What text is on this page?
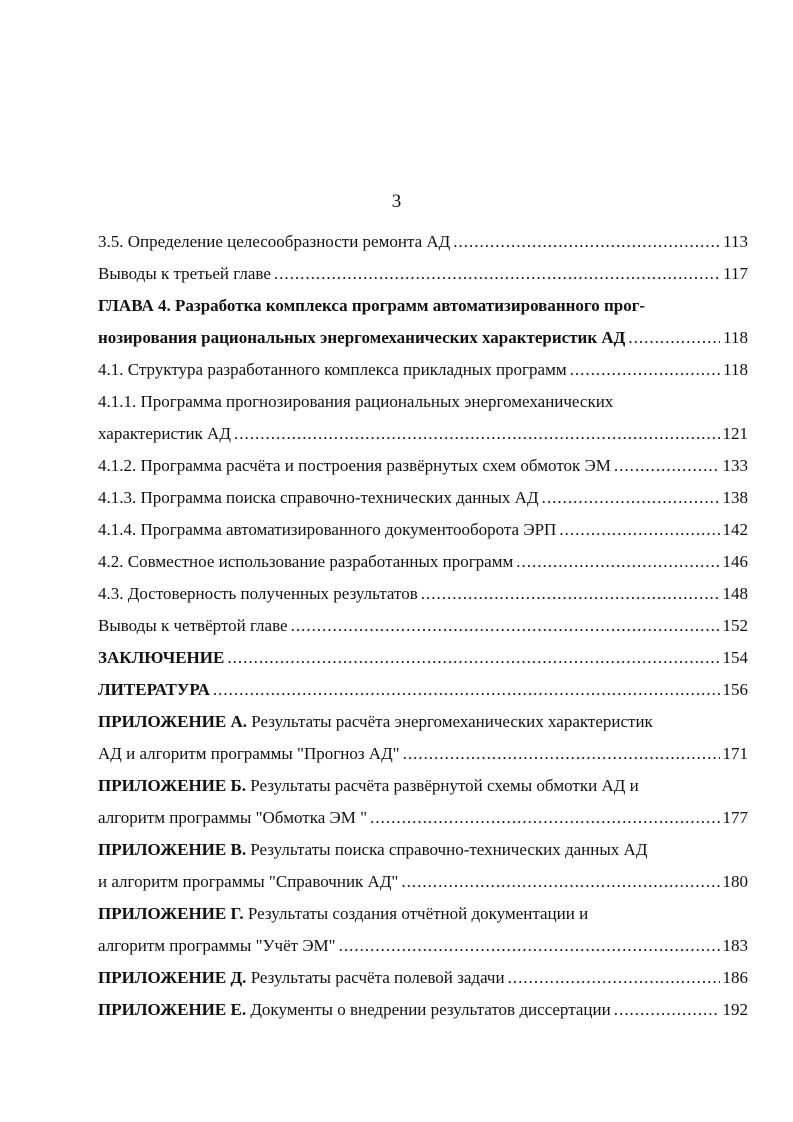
3
3.5. Определение целесообразности ремонта АД .....	113
Выводы к третьей главе .....	117
ГЛАВА 4. Разработка комплекса программ автоматизированного прог-
нозирования рациональных энергомеханических характеристик АД .....	118
4.1. Структура разработанного комплекса прикладных программ .....	118
4.1.1. Программа прогнозирования рациональных энергомеханических
характеристик АД .....	121
4.1.2. Программа расчёта и построения развёрнутых схем обмоток ЭМ .....	133
4.1.3. Программа поиска справочно-технических данных АД .....	138
4.1.4. Программа автоматизированного документооборота ЭРП .....	142
4.2. Совместное использование разработанных программ .....	146
4.3. Достоверность полученных результатов .....	148
Выводы к четвёртой главе .....	152
ЗАКЛЮЧЕНИЕ .....	154
ЛИТЕРАТУРА .....	156
ПРИЛОЖЕНИЕ А. Результаты расчёта энергомеханических характеристик
АД и алгоритм программы "Прогноз АД" .....	171
ПРИЛОЖЕНИЕ Б. Результаты расчёта развёрнутой схемы обмотки АД и
алгоритм программы "Обмотка ЭМ " .....	177
ПРИЛОЖЕНИЕ В. Результаты поиска справочно-технических данных АД
и алгоритм программы "Справочник АД" .....	180
ПРИЛОЖЕНИЕ Г. Результаты создания отчётной документации и
алгоритм программы "Учёт ЭМ" .....	183
ПРИЛОЖЕНИЕ Д. Результаты расчёта полевой задачи .....	186
ПРИЛОЖЕНИЕ Е. Документы о внедрении результатов диссертации .....	192
